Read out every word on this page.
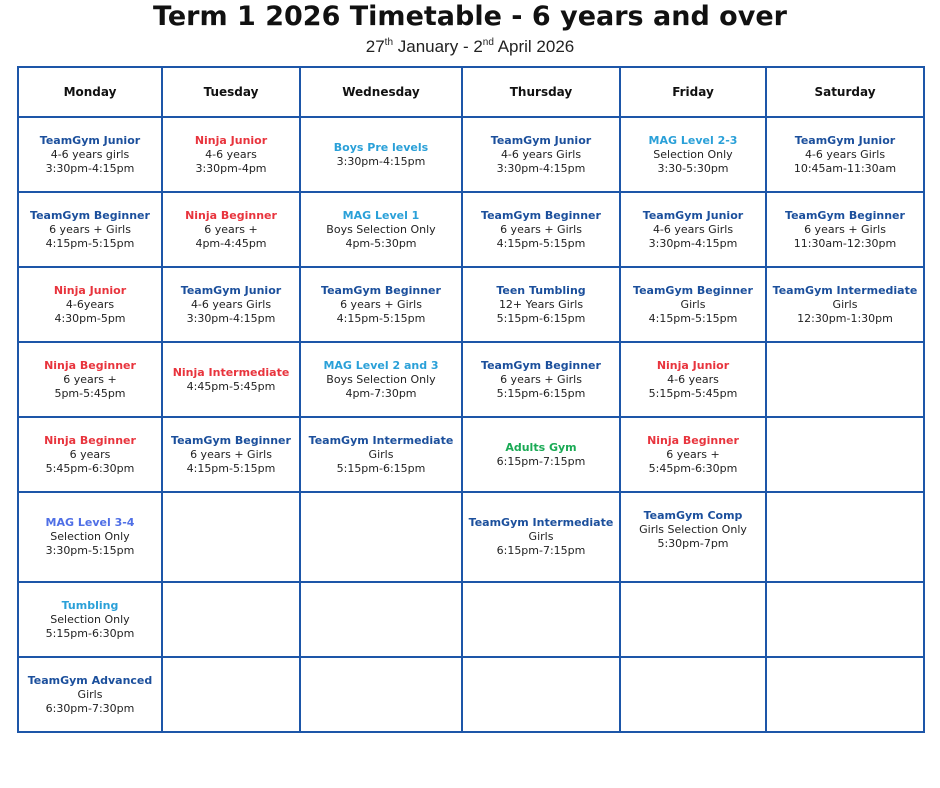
Term 1 2026 Timetable - 6 years and over
27th January - 2nd April 2026
Monday	Tuesday	Wednesday	Thursday	Friday	Saturday

TeamGym Junior
4-6 years girls
3:30pm-4:15pm	Ninja Junior
4-6 years
3:30pm-4pm	Boys Pre levels
3:30pm-4:15pm	TeamGym Junior
4-6 years Girls
3:30pm-4:15pm	MAG Level 2-3
Selection Only
3:30-5:30pm	TeamGym Junior
4-6 years Girls
10:45am-11:30am

TeamGym Beginner
6 years + Girls
4:15pm-5:15pm	Ninja Beginner
6 years +
4pm-4:45pm	MAG Level 1
Boys Selection Only
4pm-5:30pm	TeamGym Beginner
6 years + Girls
4:15pm-5:15pm	TeamGym Junior
4-6 years Girls
3:30pm-4:15pm	TeamGym Beginner
6 years + Girls
11:30am-12:30pm

Ninja Junior
4-6years
4:30pm-5pm	TeamGym Junior
4-6 years Girls
3:30pm-4:15pm	TeamGym Beginner
6 years + Girls
4:15pm-5:15pm	Teen Tumbling
12+ Years Girls
5:15pm-6:15pm	TeamGym Beginner
Girls
4:15pm-5:15pm	TeamGym Intermediate
Girls
12:30pm-1:30pm

Ninja Beginner
6 years +
5pm-5:45pm	Ninja Intermediate
4:45pm-5:45pm	MAG Level 2 and 3
Boys Selection Only
4pm-7:30pm	TeamGym Beginner
6 years + Girls
5:15pm-6:15pm	Ninja Junior
4-6 years
5:15pm-5:45pm	

Ninja Beginner
6 years
5:45pm-6:30pm	TeamGym Beginner
6 years + Girls
4:15pm-5:15pm	TeamGym Intermediate
Girls
5:15pm-6:15pm	Adults Gym
6:15pm-7:15pm	Ninja Beginner
6 years +
5:45pm-6:30pm	

MAG Level 3-4
Selection Only
3:30pm-5:15pm			TeamGym Intermediate
Girls
6:15pm-7:15pm	TeamGym Comp
Girls Selection Only
5:30pm-7pm	

Tumbling
Selection Only
5:15pm-6:30pm					

TeamGym Advanced
Girls
6:30pm-7:30pm					
